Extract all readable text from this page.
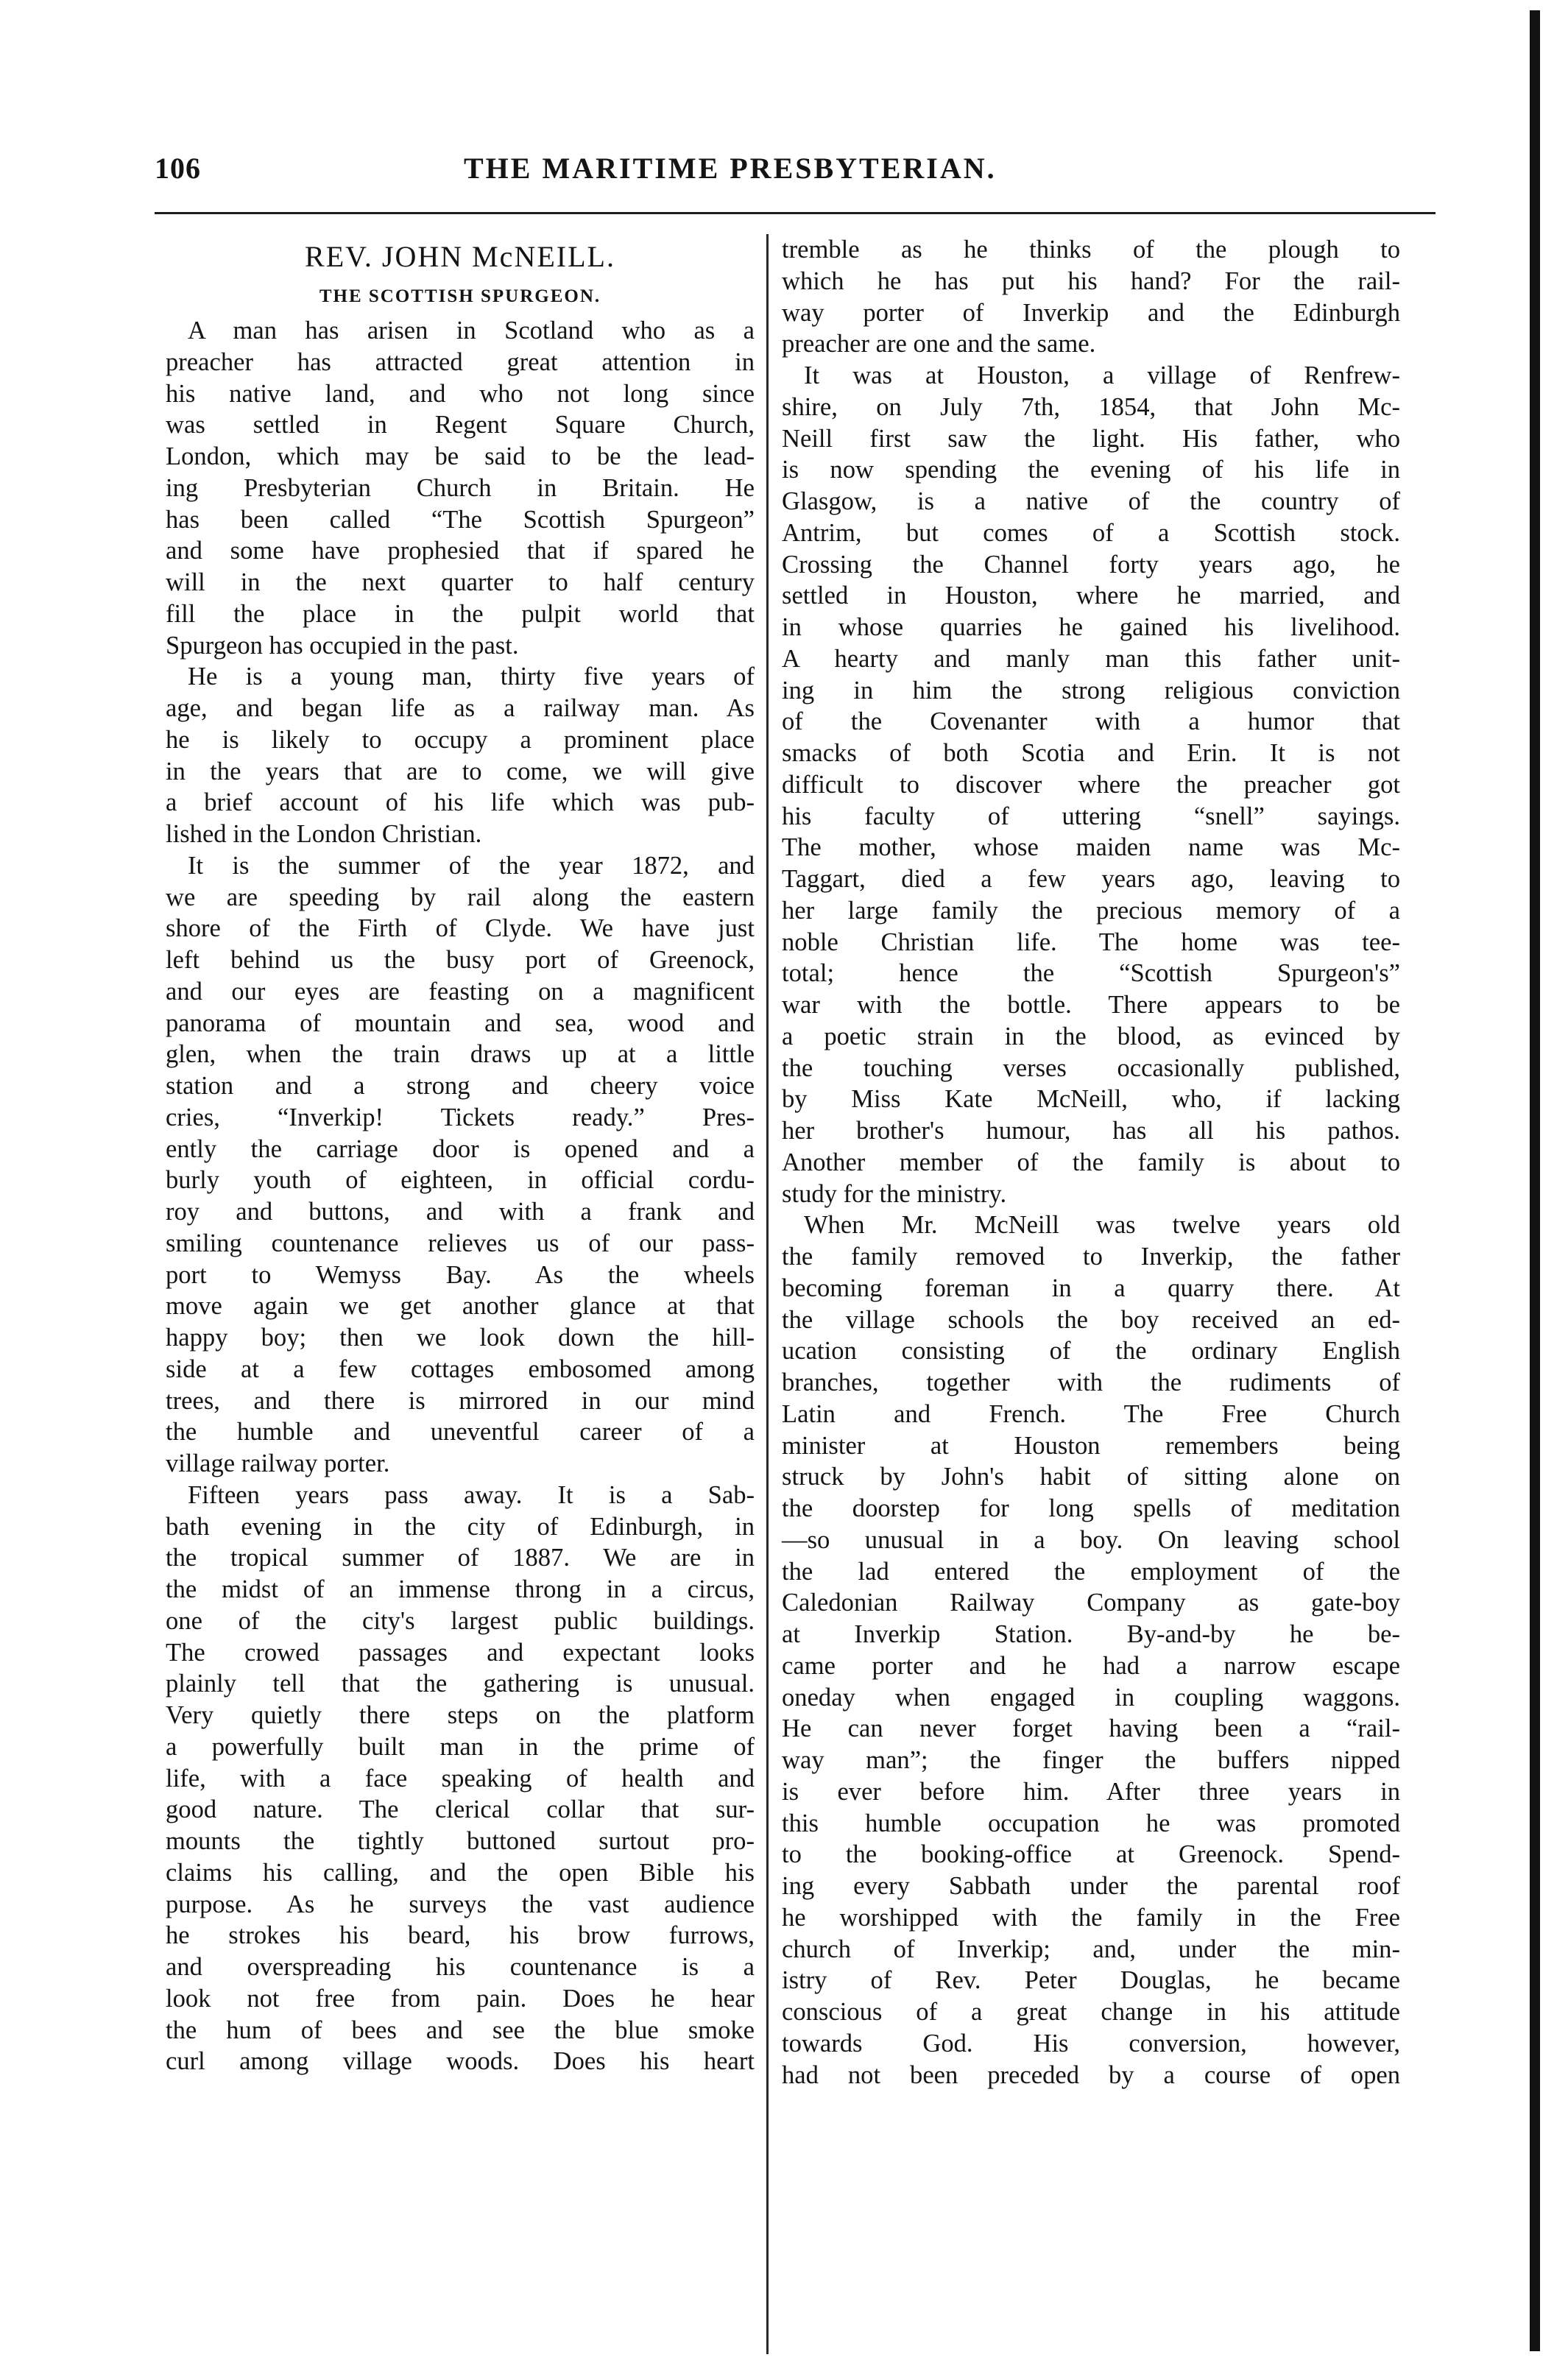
106	THE MARITIME PRESBYTERIAN.
REV. JOHN McNEILL.
THE SCOTTISH SPURGEON.
A man has arisen in Scotland who as a
preacher has attracted great attention in
his native land, and who not long since
was settled in Regent Square Church,
London, which may be said to be the lead-
ing Presbyterian Church in Britain. He
has been called “The Scottish Spurgeon”
and some have prophesied that if spared he
will in the next quarter to half century
fill the place in the pulpit world that
Spurgeon has occupied in the past.
He is a young man, thirty five years of
age, and began life as a railway man. As
he is likely to occupy a prominent place
in the years that are to come, we will give
a brief account of his life which was pub-
lished in the London Christian.
It is the summer of the year 1872, and
we are speeding by rail along the eastern
shore of the Firth of Clyde. We have just
left behind us the busy port of Greenock,
and our eyes are feasting on a magnificent
panorama of mountain and sea, wood and
glen, when the train draws up at a little
station and a strong and cheery voice
cries, “Inverkip! Tickets ready.” Pres-
ently the carriage door is opened and a
burly youth of eighteen, in official cordu-
roy and buttons, and with a frank and
smiling countenance relieves us of our pass-
port to Wemyss Bay. As the wheels
move again we get another glance at that
happy boy; then we look down the hill-
side at a few cottages embosomed among
trees, and there is mirrored in our mind
the humble and uneventful career of a
village railway porter.
Fifteen years pass away. It is a Sab-
bath evening in the city of Edinburgh, in
the tropical summer of 1887. We are in
the midst of an immense throng in a circus,
one of the city's largest public buildings.
The crowed passages and expectant looks
plainly tell that the gathering is unusual.
Very quietly there steps on the platform
a powerfully built man in the prime of
life, with a face speaking of health and
good nature. The clerical collar that sur-
mounts the tightly buttoned surtout pro-
claims his calling, and the open Bible his
purpose. As he surveys the vast audience
he strokes his beard, his brow furrows,
and overspreading his countenance is a
look not free from pain. Does he hear
the hum of bees and see the blue smoke
curl among village woods. Does his heart
tremble as he thinks of the plough to
which he has put his hand? For the rail-
way porter of Inverkip and the Edinburgh
preacher are one and the same.
It was at Houston, a village of Renfrew-
shire, on July 7th, 1854, that John Mc-
Neill first saw the light. His father, who
is now spending the evening of his life in
Glasgow, is a native of the country of
Antrim, but comes of a Scottish stock.
Crossing the Channel forty years ago, he
settled in Houston, where he married, and
in whose quarries he gained his livelihood.
A hearty and manly man this father unit-
ing in him the strong religious conviction
of the Covenanter with a humor that
smacks of both Scotia and Erin. It is not
difficult to discover where the preacher got
his faculty of uttering “snell” sayings.
The mother, whose maiden name was Mc-
Taggart, died a few years ago, leaving to
her large family the precious memory of a
noble Christian life. The home was tee-
total; hence the “Scottish Spurgeon's”
war with the bottle. There appears to be
a poetic strain in the blood, as evinced by
the touching verses occasionally published,
by Miss Kate McNeill, who, if lacking
her brother's humour, has all his pathos.
Another member of the family is about to
study for the ministry.
When Mr. McNeill was twelve years old
the family removed to Inverkip, the father
becoming foreman in a quarry there. At
the village schools the boy received an ed-
ucation consisting of the ordinary English
branches, together with the rudiments of
Latin and French. The Free Church
minister at Houston remembers being
struck by John's habit of sitting alone on
the doorstep for long spells of meditation
—so unusual in a boy. On leaving school
the lad entered the employment of the
Caledonian Railway Company as gate-boy
at Inverkip Station. By-and-by he be-
came porter and he had a narrow escape
oneday when engaged in coupling waggons.
He can never forget having been a “rail-
way man”; the finger the buffers nipped
is ever before him. After three years in
this humble occupation he was promoted
to the booking-office at Greenock. Spend-
ing every Sabbath under the parental roof
he worshipped with the family in the Free
church of Inverkip; and, under the min-
istry of Rev. Peter Douglas, he became
conscious of a great change in his attitude
towards God. His conversion, however,
had not been preceded by a course of open
